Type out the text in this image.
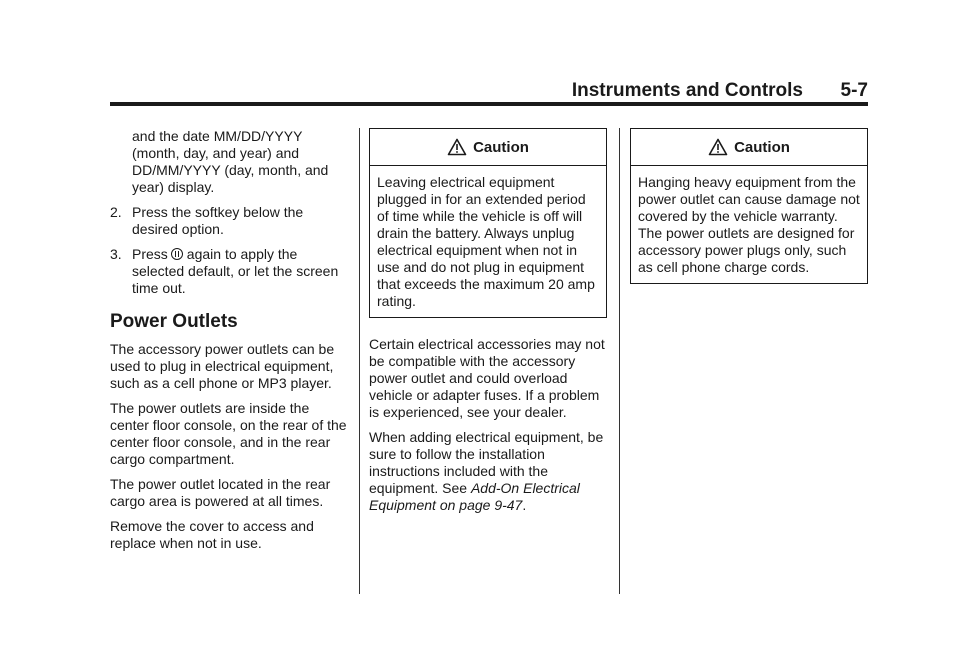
Instruments and Controls 5-7

and the date MM/DD/YYYY (month, day, and year) and DD/MM/YYYY (day, month, and year) display.

2. Press the softkey below the desired option.
3. Press again to apply the selected default, or let the screen time out.
Power Outlets

The accessory power outlets can be used to plug in electrical equipment, such as a cell phone or MP3 player.

The power outlets are inside the center floor console, on the rear of the center floor console, and in the rear cargo compartment.

The power outlet located in the rear cargo area is powered at all times.

Remove the cover to access and replace when not in use.

Caution
Leaving electrical equipment plugged in for an extended period of time while the vehicle is off will drain the battery. Always unplug electrical equipment when not in use and do not plug in equipment that exceeds the maximum 20 amp rating.

Certain electrical accessories may not be compatible with the accessory power outlet and could overload vehicle or adapter fuses. If a problem is experienced, see your dealer.

When adding electrical equipment, be sure to follow the installation instructions included with the equipment. See Add-On Electrical Equipment on page 9-47.

Caution
Hanging heavy equipment from the power outlet can cause damage not covered by the vehicle warranty. The power outlets are designed for accessory power plugs only, such as cell phone charge cords.
